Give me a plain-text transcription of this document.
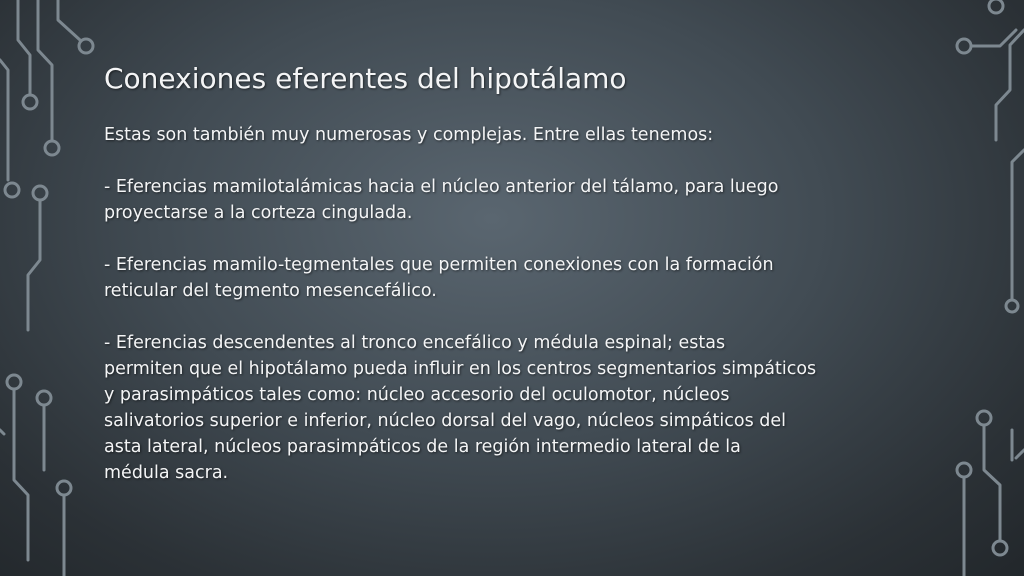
Conexiones eferentes del hipotálamo

Estas son también muy numerosas y complejas. Entre ellas tenemos:

- Eferencias mamilotalámicas hacia el núcleo anterior del tálamo, para luego
proyectarse a la corteza cingulada.
- Eferencias mamilo-tegmentales que permiten conexiones con la formación
reticular del tegmento mesencefálico.
- Eferencias descendentes al tronco encefálico y médula espinal; estas
permiten que el hipotálamo pueda influir en los centros segmentarios simpáticos
y parasimpáticos tales como: núcleo accesorio del oculomotor, núcleos
salivatorios superior e inferior, núcleo dorsal del vago, núcleos simpáticos del
asta lateral, núcleos parasimpáticos de la región intermedio lateral de la
médula sacra.
